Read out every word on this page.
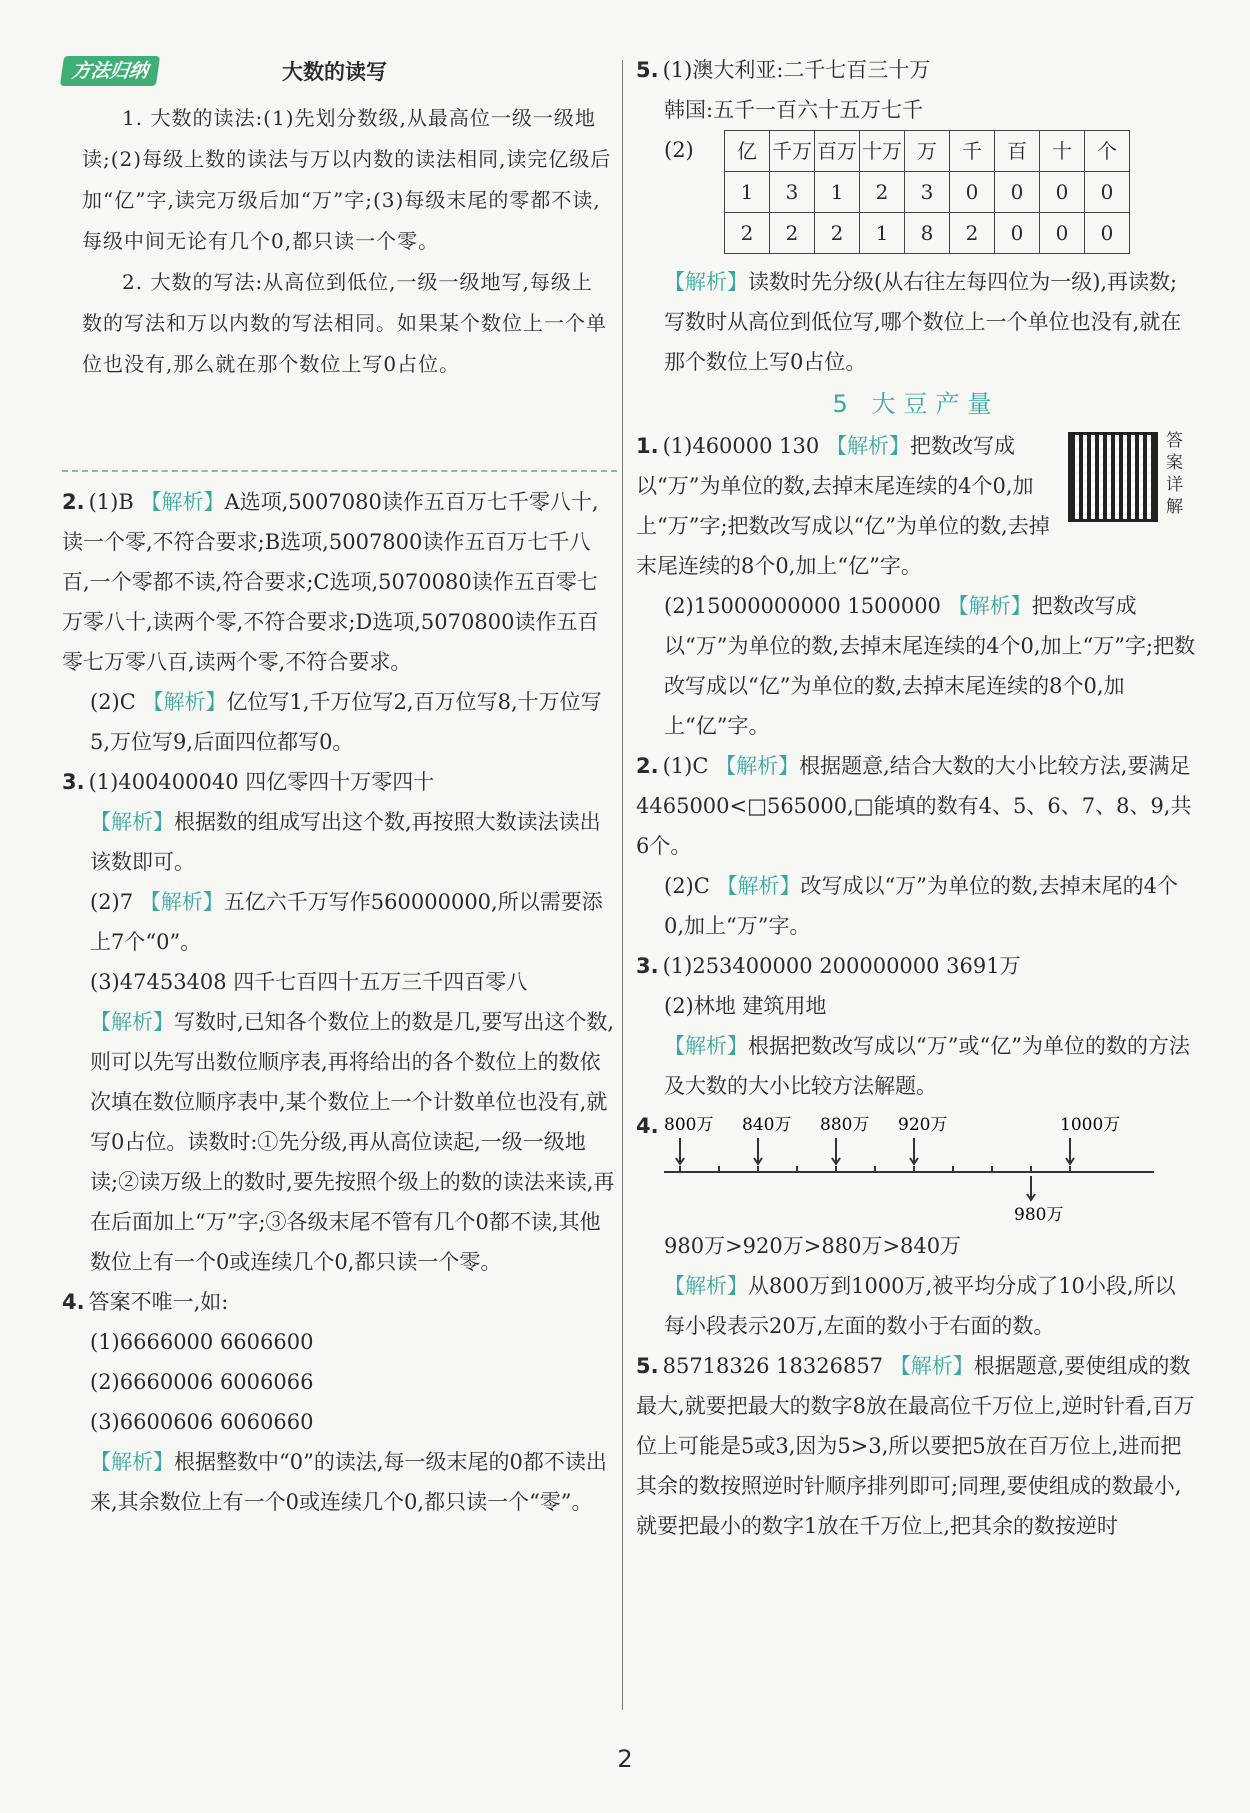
方法归纳	大数的读写

1. 大数的读法:(1)先划分数级,从最高位一级一级地读;(2)每级上数的读法与万以内数的读法相同,读完亿级后加“亿”字,读完万级后加“万”字;(3)每级末尾的零都不读,每级中间无论有几个0,都只读一个零。

2. 大数的写法:从高位到低位,一级一级地写,每级上数的写法和万以内数的写法相同。如果某个数位上一个单位也没有,那么就在那个数位上写0占位。

2. (1)B 【解析】A选项,5007080读作五百万七千零八十,读一个零,不符合要求;B选项,5007800读作五百万七千八百,一个零都不读,符合要求;C选项,5070080读作五百零七万零八十,读两个零,不符合要求;D选项,5070800读作五百零七万零八百,读两个零,不符合要求。

(2)C 【解析】亿位写1,千万位写2,百万位写8,十万位写5,万位写9,后面四位都写0。

3. (1)400400040 四亿零四十万零四十

【解析】根据数的组成写出这个数,再按照大数读法读出该数即可。

(2)7 【解析】五亿六千万写作560000000,所以需要添上7个“0”。

(3)47453408 四千七百四十五万三千四百零八

【解析】写数时,已知各个数位上的数是几,要写出这个数,则可以先写出数位顺序表,再将给出的各个数位上的数依次填在数位顺序表中,某个数位上一个计数单位也没有,就写0占位。读数时:①先分级,再从高位读起,一级一级地读;②读万级上的数时,要先按照个级上的数的读法来读,再在后面加上“万”字;③各级末尾不管有几个0都不读,其他数位上有一个0或连续几个0,都只读一个零。

4. 答案不唯一,如:

(1)6666000 6606600

(2)6660006 6006066

(3)6600606 6060660

【解析】根据整数中“0”的读法,每一级末尾的0都不读出来,其余数位上有一个0或连续几个0,都只读一个“零”。

5. (1)澳大利亚:二千七百三十万

韩国:五千一百六十五万七千

(2) 亿	千万	百万	十万	万	千	百	十	个
1	3	1	2	3	0	0	0	0
2	2	2	1	8	2	0	0	0

【解析】读数时先分级(从右往左每四位为一级),再读数;写数时从高位到低位写,哪个数位上一个单位也没有,就在那个数位上写0占位。

5 大豆产量
答案详解

1. (1)460000 130 【解析】把数改写成以“万”为单位的数,去掉末尾连续的4个0,加上“万”字;把数改写成以“亿”为单位的数,去掉末尾连续的8个0,加上“亿”字。

(2)15000000000 1500000 【解析】把数改写成以“万”为单位的数,去掉末尾连续的4个0,加上“万”字;把数改写成以“亿”为单位的数,去掉末尾连续的8个0,加上“亿”字。

2. (1)C 【解析】根据题意,结合大数的大小比较方法,要满足4465000<□565000,□能填的数有4、5、6、7、8、9,共6个。

(2)C 【解析】改写成以“万”为单位的数,去掉末尾的4个0,加上“万”字。

3. (1)253400000 200000000 3691万

(2)林地 建筑用地

【解析】根据把数改写成以“万”或“亿”为单位的数的方法及大数的大小比较方法解题。

4. 800万 840万 880万 920万	1000万
980万

980万>920万>880万>840万

【解析】从800万到1000万,被平均分成了10小段,所以每小段表示20万,左面的数小于右面的数。

5. 85718326 18326857 【解析】根据题意,要使组成的数最大,就要把最大的数字8放在最高位千万位上,逆时针看,百万位上可能是5或3,因为5>3,所以要把5放在百万位上,进而把其余的数按照逆时针顺序排列即可;同理,要使组成的数最小,就要把最小的数字1放在千万位上,把其余的数按逆时

2
